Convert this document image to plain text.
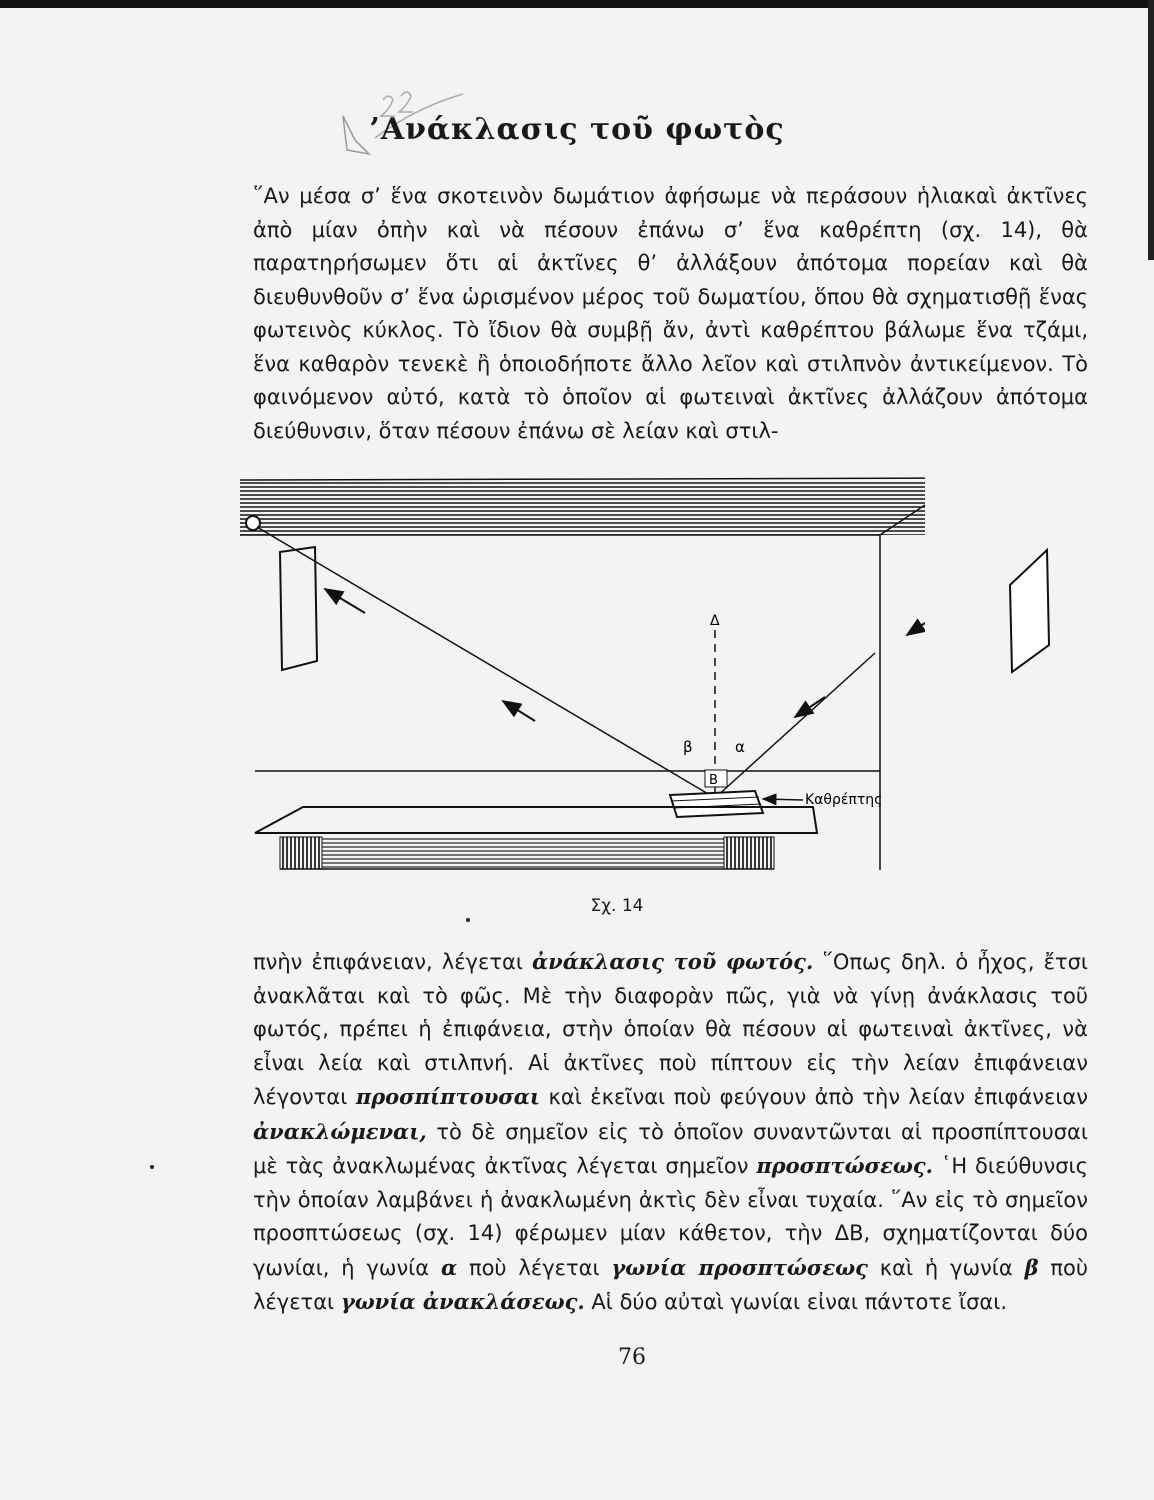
’Ανάκλασις τοῦ φωτὸς

῞Αν μέσα σ’ ἕνα σκοτεινὸν δωμάτιον ἀφήσωμε νὰ περάσουν ἡλιακαὶ ἀκτῖνες ἀπὸ μίαν ὀπὴν καὶ νὰ πέσουν ἐπάνω σ’ ἕνα καθρέπτη (σχ. 14), θὰ παρατηρήσωμεν ὅτι αἱ ἀκτῖνες θ’ ἀλλάξουν ἀπότομα πορείαν καὶ θὰ διευθυνθοῦν σ’ ἕνα ὡρισμένον μέρος τοῦ δωματίου, ὅπου θὰ σχηματισθῇ ἕνας φωτεινὸς κύκλος. Τὸ ἴδιον θὰ συμβῇ ἄν, ἀντὶ καθρέπτου βάλωμε ἕνα τζάμι, ἕνα καθαρὸν τενεκὲ ἢ ὁποιοδήποτε ἄλλο λεῖον καὶ στιλπνὸν ἀντικείμενον. Τὸ φαινόμενον αὐτό, κατὰ τὸ ὁποῖον αἱ φωτειναὶ ἀκτῖνες ἀλλάζουν ἀπότομα διεύθυνσιν, ὅταν πέσουν ἐπάνω σὲ λείαν καὶ στιλ-

Δ
β	α
Β
Καθρέπτης
Σχ. 14

πνὴν ἐπιφάνειαν, λέγεται ἀνάκλασις τοῦ φωτός. ῞Οπως δηλ. ὁ ἦχος, ἔτσι ἀνακλᾶται καὶ τὸ φῶς. Μὲ τὴν διαφορὰν πῶς, γιὰ νὰ γίνῃ ἀνάκλασις τοῦ φωτός, πρέπει ἡ ἐπιφάνεια, στὴν ὁποίαν θὰ πέσουν αἱ φωτειναὶ ἀκτῖνες, νὰ εἶναι λεία καὶ στιλπνή. Αἱ ἀκτῖνες ποὺ πίπτουν εἰς τὴν λείαν ἐπιφάνειαν λέγονται προσπίπτουσαι καὶ ἐκεῖναι ποὺ φεύγουν ἀπὸ τὴν λείαν ἐπιφάνειαν ἀνακλώμεναι, τὸ δὲ σημεῖον εἰς τὸ ὁποῖον συναντῶνται αἱ προσπίπτουσαι μὲ τὰς ἀνακλωμένας ἀκτῖνας λέγεται σημεῖον προσπτώσεως. ῾Η διεύθυνσις τὴν ὁποίαν λαμβάνει ἡ ἀνακλωμένη ἀκτὶς δὲν εἶναι τυχαία. ῞Αν εἰς τὸ σημεῖον προσπτώσεως (σχ. 14) φέρωμεν μίαν κάθετον, τὴν ΔΒ, σχηματίζονται δύο γωνίαι, ἡ γωνία α ποὺ λέγεται γωνία προσπτώσεως καὶ ἡ γωνία β ποὺ λέγεται γωνία ἀνακλάσεως. Αἱ δύο αὐταὶ γωνίαι εἰναι πάντοτε ἴσαι.

76
